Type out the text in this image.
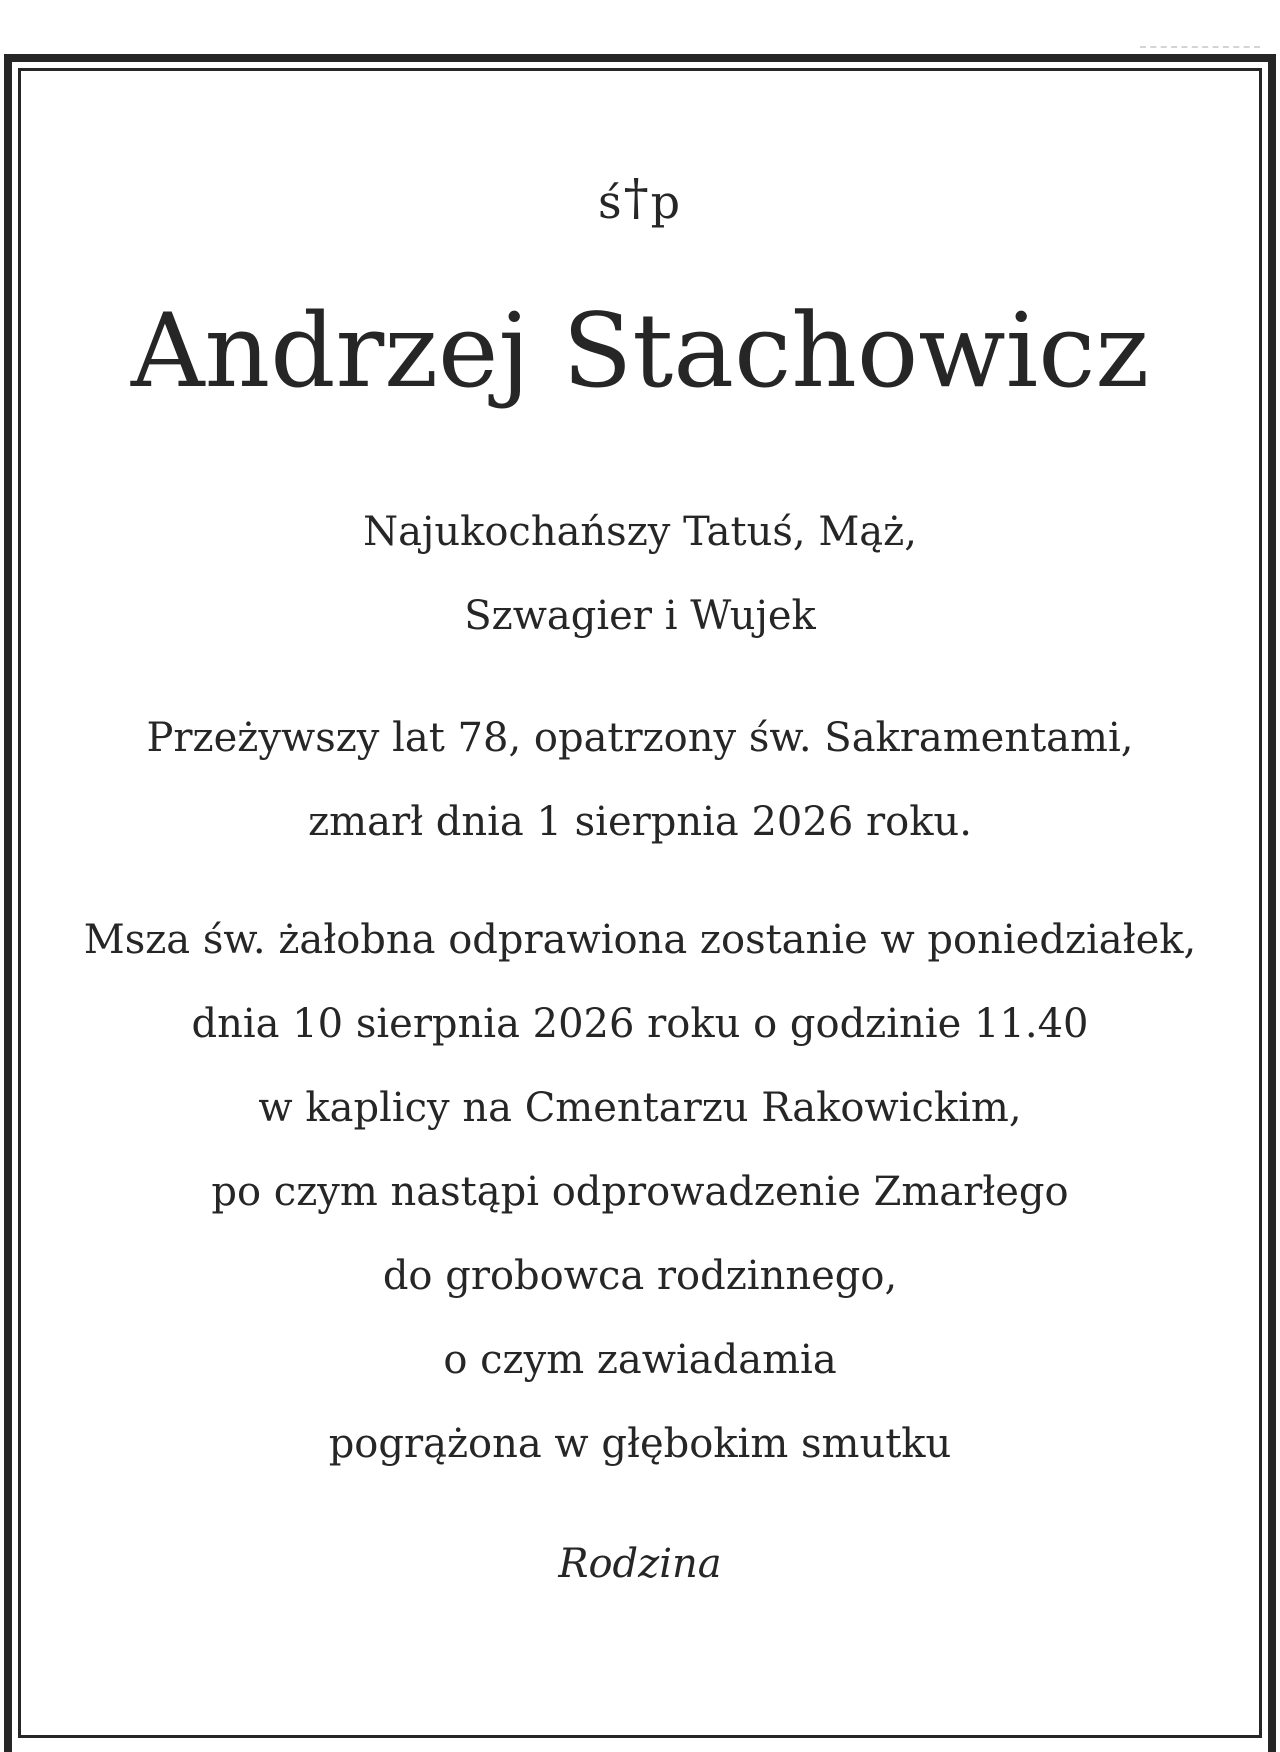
ś†p
Andrzej Stachowicz
Najukochańszy Tatuś, Mąż,
Szwagier i Wujek
Przeżywszy lat 78, opatrzony św. Sakramentami,
zmarł dnia 1 sierpnia 2026 roku.
Msza św. żałobna odprawiona zostanie w poniedziałek,
dnia 10 sierpnia 2026 roku o godzinie 11.40
w kaplicy na Cmentarzu Rakowickim,
po czym nastąpi odprowadzenie Zmarłego
do grobowca rodzinnego,
o czym zawiadamia
pogrążona w głębokim smutku
Rodzina
